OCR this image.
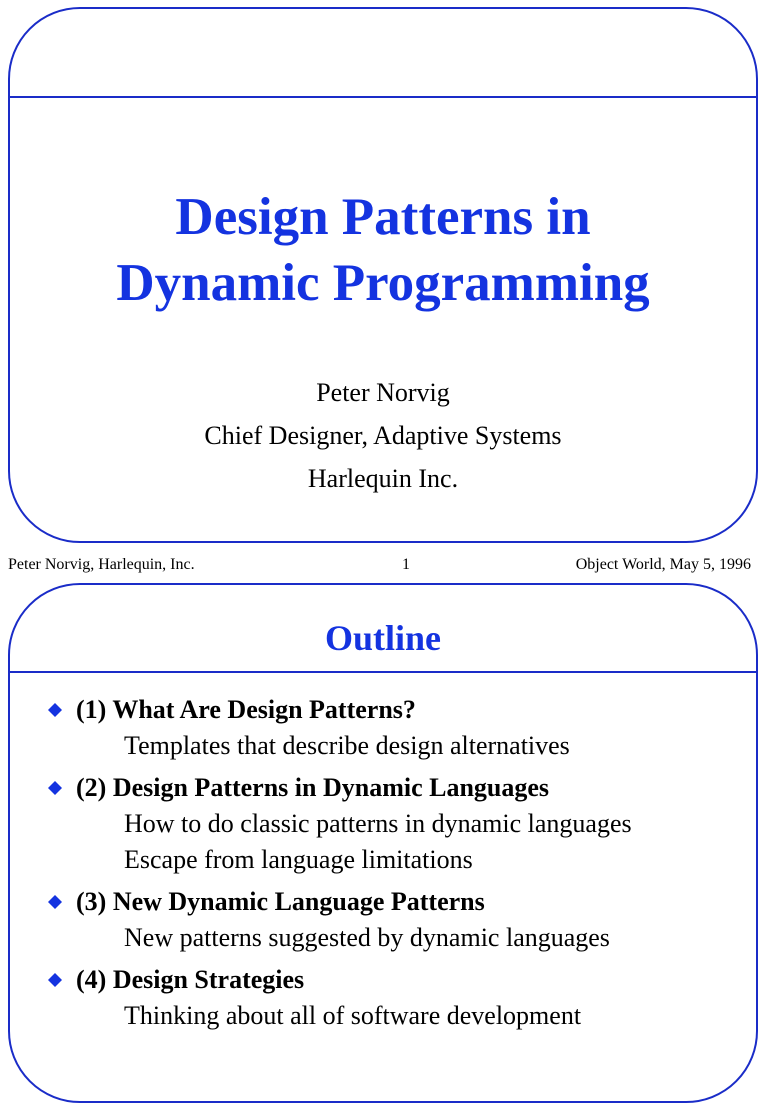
Design Patterns in
Dynamic Programming
Peter Norvig
Chief Designer, Adaptive Systems
Harlequin Inc.
Peter Norvig, Harlequin, Inc.	1	Object World, May 5, 1996
Outline
(1) What Are Design Patterns?
Templates that describe design alternatives
(2) Design Patterns in Dynamic Languages
How to do classic patterns in dynamic languages
Escape from language limitations
(3) New Dynamic Language Patterns
New patterns suggested by dynamic languages
(4) Design Strategies
Thinking about all of software development
